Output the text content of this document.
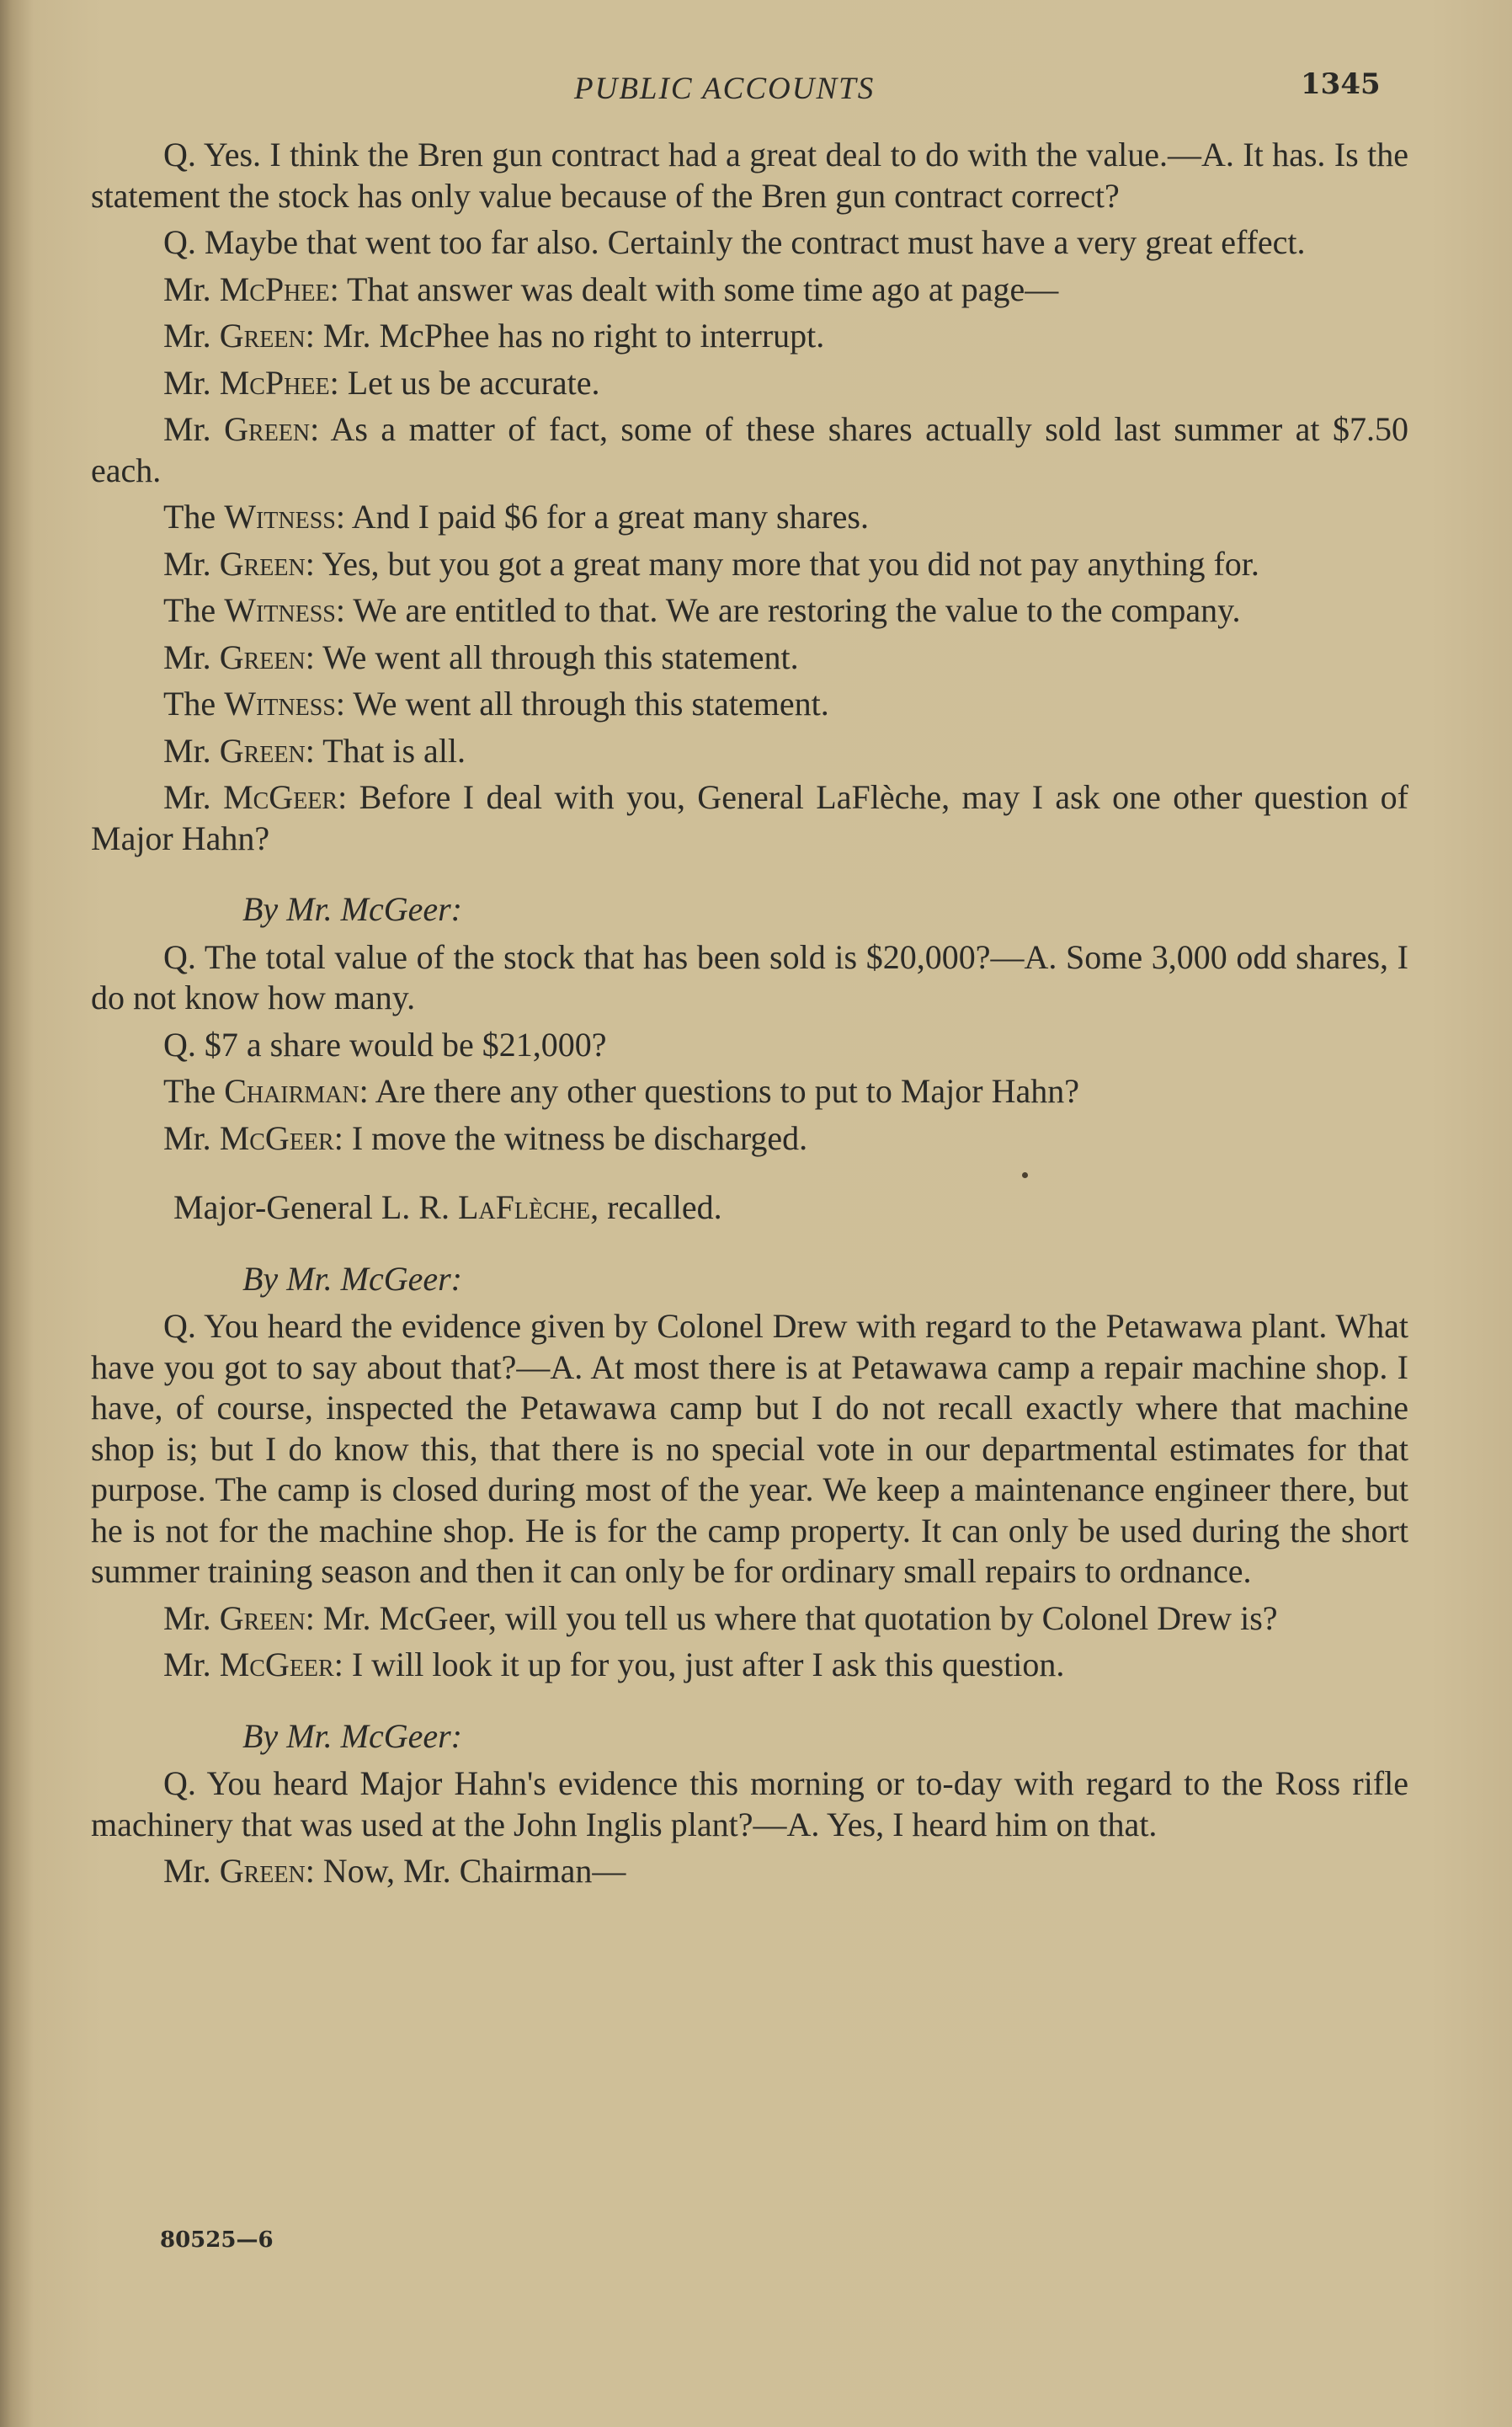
PUBLIC ACCOUNTS	1345

Q. Yes. I think the Bren gun contract had a great deal to do with the value.—A. It has. Is the statement the stock has only value because of the Bren gun contract correct?

Q. Maybe that went too far also. Certainly the contract must have a very great effect.

Mr. McPhee: That answer was dealt with some time ago at page—

Mr. Green: Mr. McPhee has no right to interrupt.

Mr. McPhee: Let us be accurate.

Mr. Green: As a matter of fact, some of these shares actually sold last summer at $7.50 each.

The Witness: And I paid $6 for a great many shares.

Mr. Green: Yes, but you got a great many more that you did not pay anything for.

The Witness: We are entitled to that. We are restoring the value to the company.

Mr. Green: We went all through this statement.

The Witness: We went all through this statement.

Mr. Green: That is all.

Mr. McGeer: Before I deal with you, General LaFlèche, may I ask one other question of Major Hahn?

By Mr. McGeer:

Q. The total value of the stock that has been sold is $20,000?—A. Some 3,000 odd shares, I do not know how many.

Q. $7 a share would be $21,000?

The Chairman: Are there any other questions to put to Major Hahn?

Mr. McGeer: I move the witness be discharged.

Major-General L. R. LaFlèche, recalled.

By Mr. McGeer:

Q. You heard the evidence given by Colonel Drew with regard to the Petawawa plant. What have you got to say about that?—A. At most there is at Petawawa camp a repair machine shop. I have, of course, inspected the Petawawa camp but I do not recall exactly where that machine shop is; but I do know this, that there is no special vote in our departmental estimates for that purpose. The camp is closed during most of the year. We keep a maintenance engineer there, but he is not for the machine shop. He is for the camp property. It can only be used during the short summer training season and then it can only be for ordinary small repairs to ordnance.

Mr. Green: Mr. McGeer, will you tell us where that quotation by Colonel Drew is?

Mr. McGeer: I will look it up for you, just after I ask this question.

By Mr. McGeer:

Q. You heard Major Hahn's evidence this morning or to-day with regard to the Ross rifle machinery that was used at the John Inglis plant?—A. Yes, I heard him on that.

Mr. Green: Now, Mr. Chairman—

80525—6
